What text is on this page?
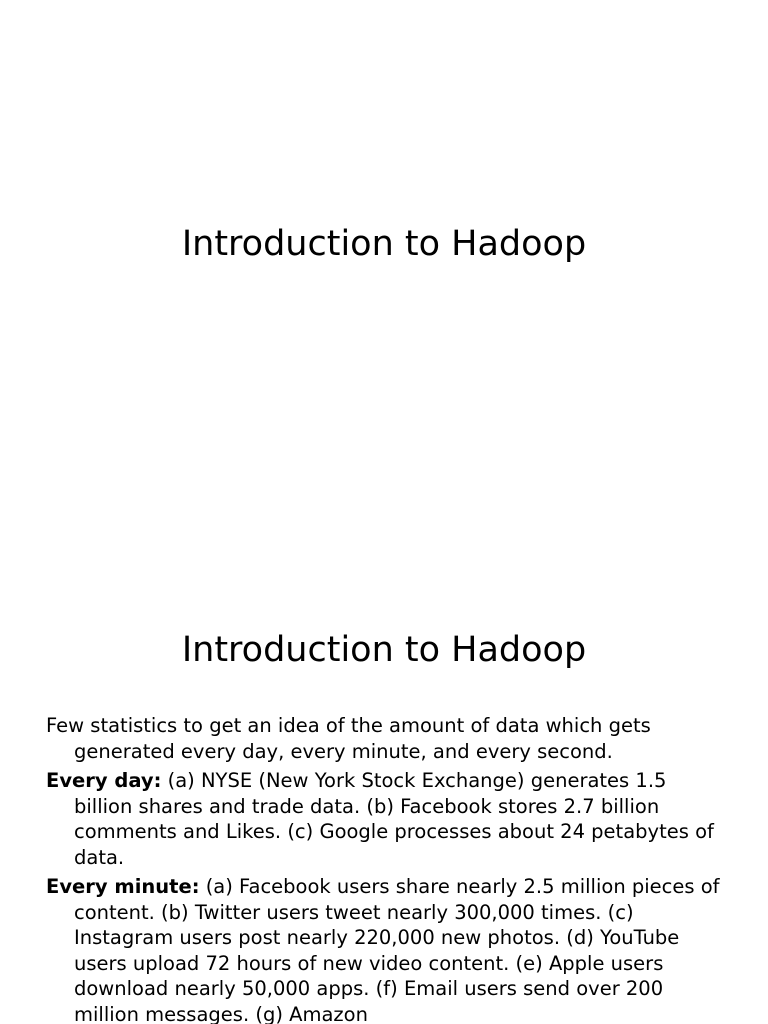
Introduction to Hadoop
Introduction to Hadoop

Few statistics to get an idea of the amount of data which gets generated every day, every minute, and every second.

Every day: (a) NYSE (New York Stock Exchange) generates 1.5 billion shares and trade data. (b) Facebook stores 2.7 billion comments and Likes. (c) Google processes about 24 petabytes of data.

Every minute: (a) Facebook users share nearly 2.5 million pieces of content. (b) Twitter users tweet nearly 300,000 times. (c) Instagram users post nearly 220,000 new photos. (d) YouTube users upload 72 hours of new video content. (e) Apple users download nearly 50,000 apps. (f) Email users send over 200 million messages. (g) Amazon
